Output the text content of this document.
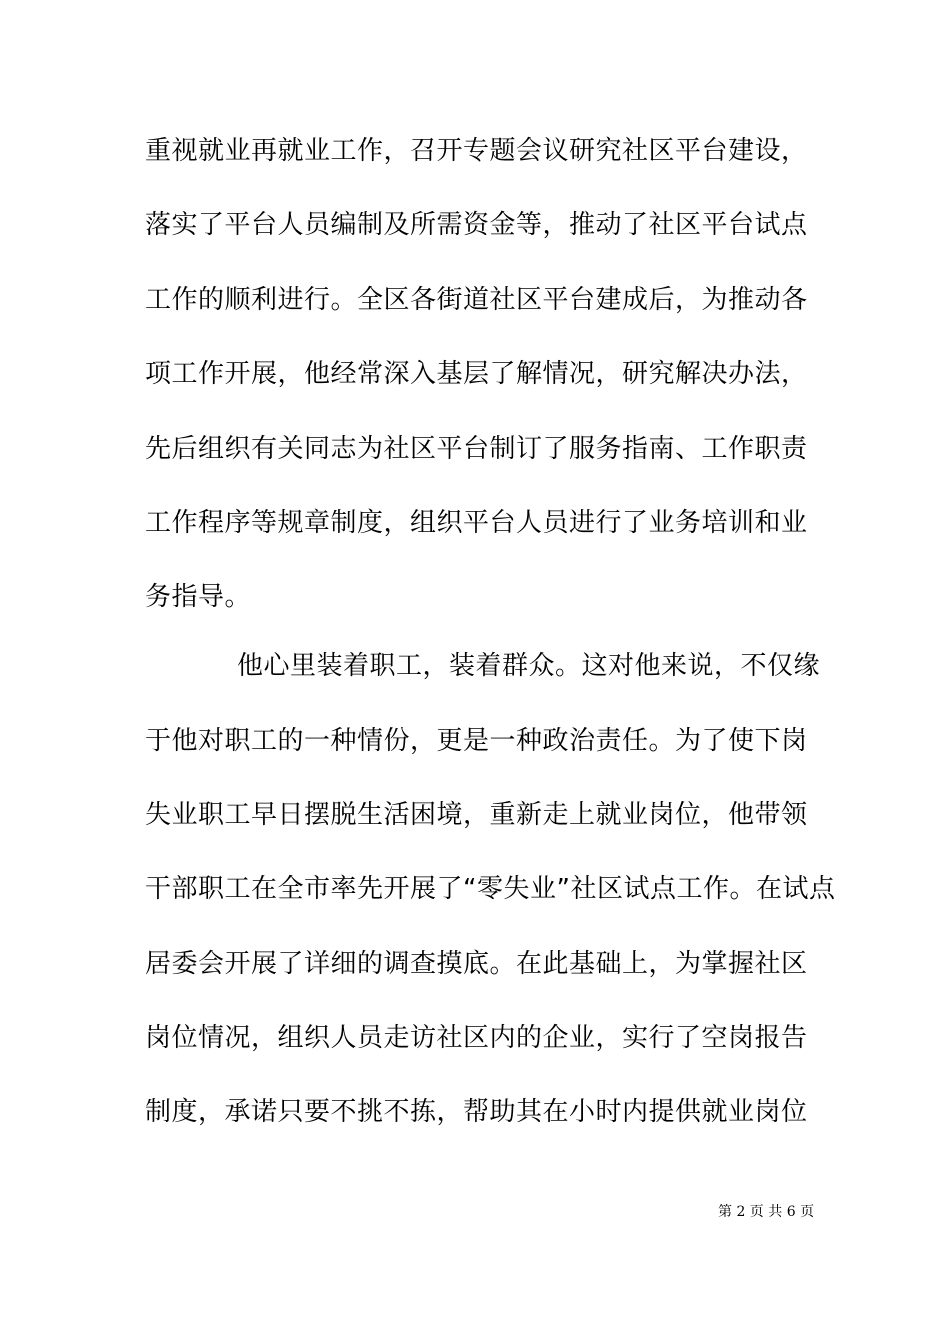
重视就业再就业工作，召开专题会议研究社区平台建设，
落实了平台人员编制及所需资金等，推动了社区平台试点
工作的顺利进行。全区各街道社区平台建成后，为推动各
项工作开展，他经常深入基层了解情况，研究解决办法，
先后组织有关同志为社区平台制订了服务指南、工作职责
工作程序等规章制度，组织平台人员进行了业务培训和业
务指导。
他心里装着职工，装着群众。这对他来说，不仅缘
于他对职工的一种情份，更是一种政治责任。为了使下岗
失业职工早日摆脱生活困境，重新走上就业岗位，他带领
干部职工在全市率先开展了“零失业”社区试点工作。在试点
居委会开展了详细的调查摸底。在此基础上，为掌握社区
岗位情况，组织人员走访社区内的企业，实行了空岗报告
制度，承诺只要不挑不拣，帮助其在小时内提供就业岗位
第 2 页 共 6 页
